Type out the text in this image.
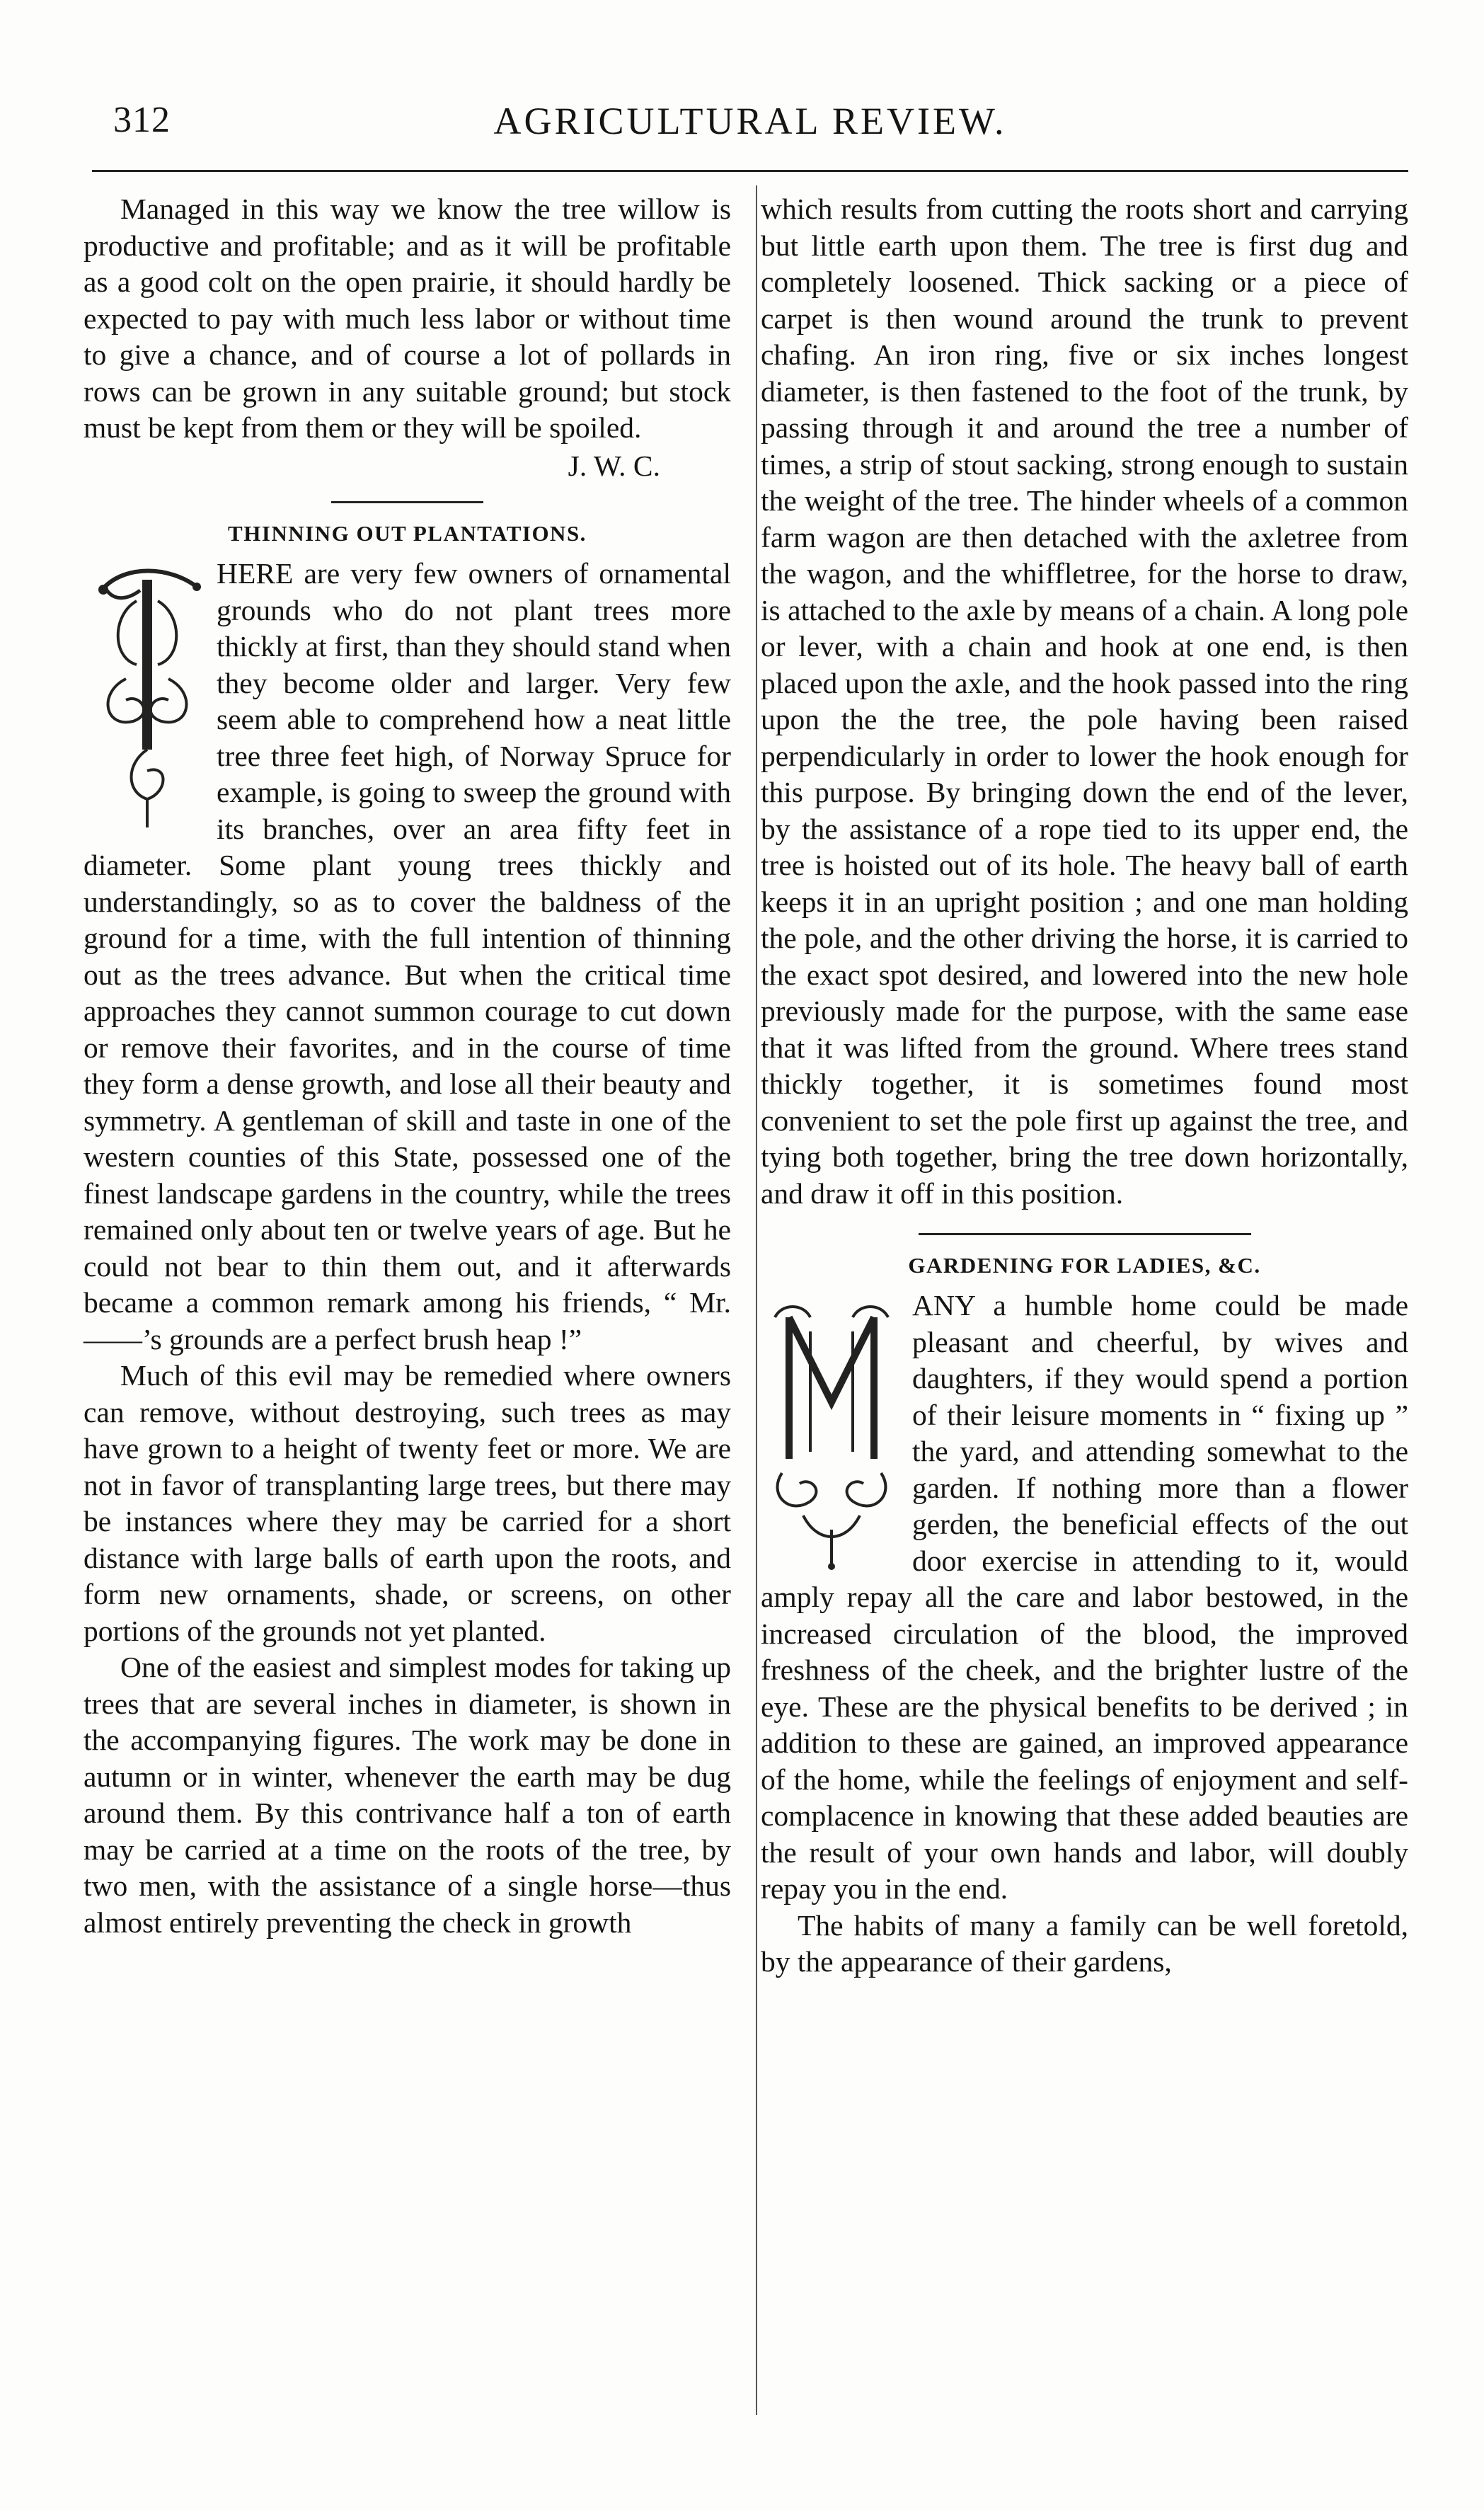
312	AGRICULTURAL REVIEW.

Managed in this way we know the tree willow is productive and profitable; and as it will be profitable as a good colt on the open prairie, it should hardly be expected to pay with much less labor or without time to give a chance, and of course a lot of pollards in rows can be grown in any suitable ground; but stock must be kept from them or they will be spoiled.

J. W. C.

THINNING OUT PLANTATIONS.

HERE are very few owners of ornamental grounds who do not plant trees more thickly at first, than they should stand when they become older and larger. Very few seem able to comprehend how a neat little tree three feet high, of Norway Spruce for example, is going to sweep the ground with its branches, over an area fifty feet in diameter. Some plant young trees thickly and understandingly, so as to cover the baldness of the ground for a time, with the full intention of thinning out as the trees advance. But when the critical time approaches they cannot summon courage to cut down or remove their favorites, and in the course of time they form a dense growth, and lose all their beauty and symmetry. A gentleman of skill and taste in one of the western counties of this State, possessed one of the finest landscape gardens in the country, while the trees remained only about ten or twelve years of age. But he could not bear to thin them out, and it afterwards became a common remark among his friends, “ Mr. ——’s grounds are a perfect brush heap !”

Much of this evil may be remedied where owners can remove, without destroying, such trees as may have grown to a height of twenty feet or more. We are not in favor of transplanting large trees, but there may be instances where they may be carried for a short distance with large balls of earth upon the roots, and form new ornaments, shade, or screens, on other portions of the grounds not yet planted.

One of the easiest and simplest modes for taking up trees that are several inches in diameter, is shown in the accompanying figures. The work may be done in autumn or in winter, whenever the earth may be dug around them. By this contrivance half a ton of earth may be carried at a time on the roots of the tree, by two men, with the assistance of a single horse—thus almost entirely preventing the check in growth

which results from cutting the roots short and carrying but little earth upon them. The tree is first dug and completely loosened. Thick sacking or a piece of carpet is then wound around the trunk to prevent chafing. An iron ring, five or six inches longest diameter, is then fastened to the foot of the trunk, by passing through it and around the tree a number of times, a strip of stout sacking, strong enough to sustain the weight of the tree. The hinder wheels of a common farm wagon are then detached with the axletree from the wagon, and the whiffletree, for the horse to draw, is attached to the axle by means of a chain. A long pole or lever, with a chain and hook at one end, is then placed upon the axle, and the hook passed into the ring upon the the tree, the pole having been raised perpendicularly in order to lower the hook enough for this purpose. By bringing down the end of the lever, by the assistance of a rope tied to its upper end, the tree is hoisted out of its hole. The heavy ball of earth keeps it in an upright position ; and one man holding the pole, and the other driving the horse, it is carried to the exact spot desired, and lowered into the new hole previously made for the purpose, with the same ease that it was lifted from the ground. Where trees stand thickly together, it is sometimes found most convenient to set the pole first up against the tree, and tying both together, bring the tree down horizontally, and draw it off in this position.

GARDENING FOR LADIES, &C.

ANY a humble home could be made pleasant and cheerful, by wives and daughters, if they would spend a portion of their leisure moments in “ fixing up ” the yard, and attending somewhat to the garden. If nothing more than a flower gerden, the beneficial effects of the out door exercise in attending to it, would amply repay all the care and labor bestowed, in the increased circulation of the blood, the improved freshness of the cheek, and the brighter lustre of the eye. These are the physical benefits to be derived ; in addition to these are gained, an improved appearance of the home, while the feelings of enjoyment and self-complacence in knowing that these added beauties are the result of your own hands and labor, will doubly repay you in the end.

The habits of many a family can be well foretold, by the appearance of their gardens,
